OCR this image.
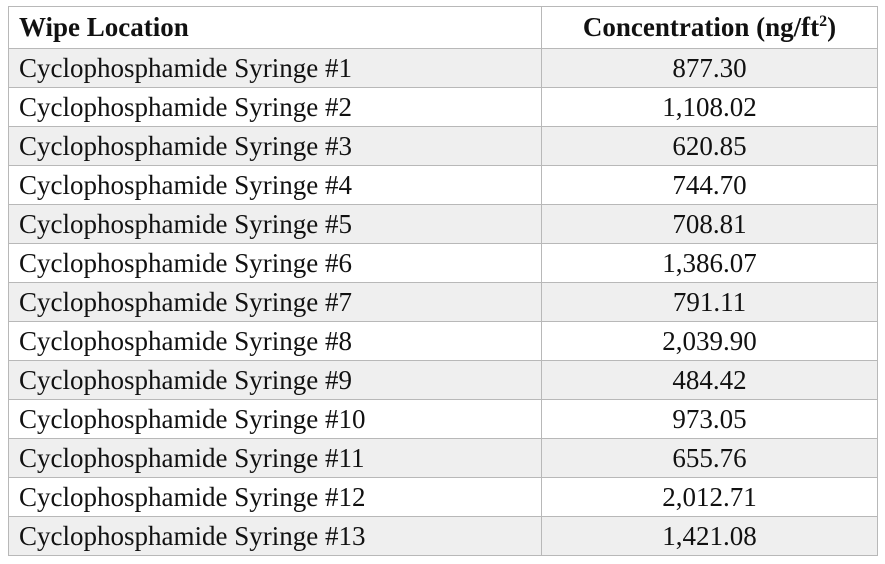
Wipe Location	Concentration $(ng/ft^2)$
Cyclophosphamide Syringe #1	877.30
Cyclophosphamide Syringe #2	1,108.02
Cyclophosphamide Syringe #3	620.85
Cyclophosphamide Syringe #4	744.70
Cyclophosphamide Syringe #5	708.81
Cyclophosphamide Syringe #6	1,386.07
Cyclophosphamide Syringe #7	791.11
Cyclophosphamide Syringe #8	2,039.90
Cyclophosphamide Syringe #9	484.42
Cyclophosphamide Syringe #10	973.05
Cyclophosphamide Syringe #11	655.76
Cyclophosphamide Syringe #12	2,012.71
Cyclophosphamide Syringe #13	1,421.08
